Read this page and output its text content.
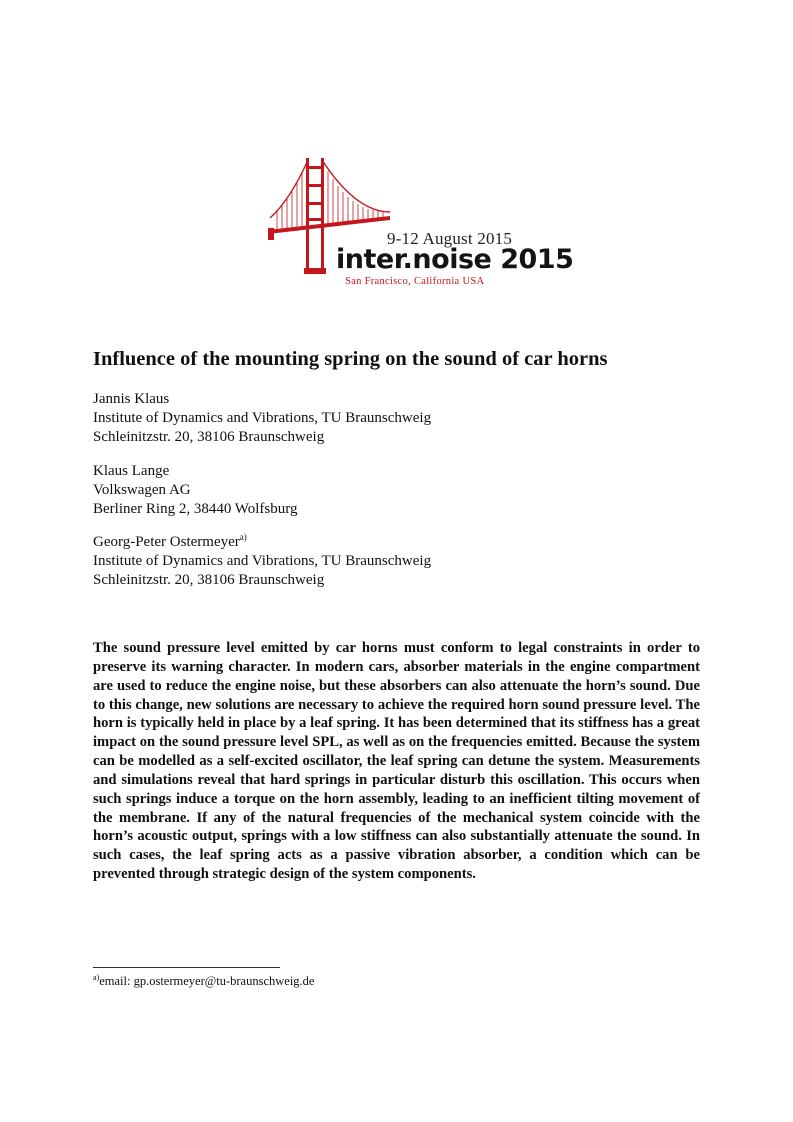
9-12 August 2015
inter.noise 2015
San Francisco, California USA
Influence of the mounting spring on the sound of car horns
Jannis Klaus
Institute of Dynamics and Vibrations, TU Braunschweig
Schleinitzstr. 20, 38106 Braunschweig
Klaus Lange
Volkswagen AG
Berliner Ring 2, 38440 Wolfsburg
Georg-Peter Ostermeyer$^{a)}$
Institute of Dynamics and Vibrations, TU Braunschweig
Schleinitzstr. 20, 38106 Braunschweig

The sound pressure level emitted by car horns must conform to legal constraints in order to preserve its warning character. In modern cars, absorber materials in the engine compartment are used to reduce the engine noise, but these absorbers can also attenuate the horn’s sound. Due to this change, new solutions are necessary to achieve the required horn sound pressure level. The horn is typically held in place by a leaf spring. It has been determined that its stiffness has a great impact on the sound pressure level SPL, as well as on the frequencies emitted. Because the system can be modelled as a self-excited oscillator, the leaf spring can detune the system. Measurements and simulations reveal that hard springs in particular disturb this oscillation. This occurs when such springs induce a torque on the horn assembly, leading to an inefficient tilting movement of the membrane. If any of the natural frequencies of the mechanical system coincide with the horn’s acoustic output, springs with a low stiffness can also substantially attenuate the sound. In such cases, the leaf spring acts as a passive vibration absorber, a condition which can be prevented through strategic design of the system components.

$^{a)}$email: gp.ostermeyer@tu-braunschweig.de
